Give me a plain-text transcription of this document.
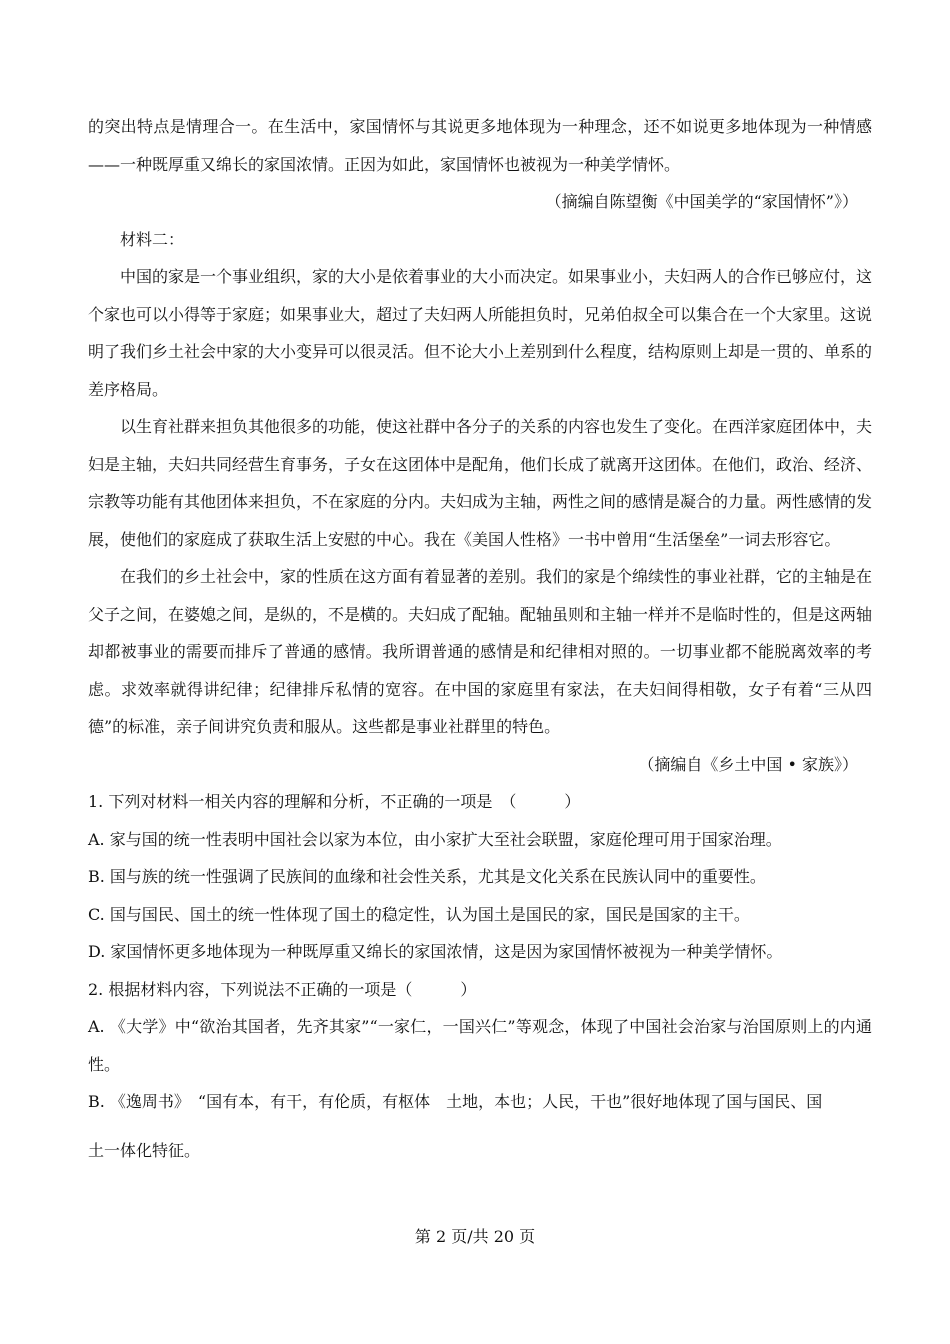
的突出特点是情理合一。在生活中，家国情怀与其说更多地体现为一种理念，还不如说更多地体现为一种情感——一种既厚重又绵长的家国浓情。正因为如此，家国情怀也被视为一种美学情怀。

（摘编自陈望衡《中国美学的“家国情怀”》）

材料二：

中国的家是一个事业组织，家的大小是依着事业的大小而决定。如果事业小，夫妇两人的合作已够应付，这个家也可以小得等于家庭；如果事业大，超过了夫妇两人所能担负时，兄弟伯叔全可以集合在一个大家里。这说明了我们乡土社会中家的大小变异可以很灵活。但不论大小上差别到什么程度，结构原则上却是一贯的、单系的差序格局。

以生育社群来担负其他很多的功能，使这社群中各分子的关系的内容也发生了变化。在西洋家庭团体中，夫妇是主轴，夫妇共同经营生育事务，子女在这团体中是配角，他们长成了就离开这团体。在他们，政治、经济、宗教等功能有其他团体来担负，不在家庭的分内。夫妇成为主轴，两性之间的感情是凝合的力量。两性感情的发展，使他们的家庭成了获取生活上安慰的中心。我在《美国人性格》一书中曾用“生活堡垒”一词去形容它。

在我们的乡土社会中，家的性质在这方面有着显著的差别。我们的家是个绵续性的事业社群，它的主轴是在父子之间，在婆媳之间，是纵的，不是横的。夫妇成了配轴。配轴虽则和主轴一样并不是临时性的，但是这两轴却都被事业的需要而排斥了普通的感情。我所谓普通的感情是和纪律相对照的。一切事业都不能脱离效率的考虑。求效率就得讲纪律；纪律排斥私情的宽容。在中国的家庭里有家法，在夫妇间得相敬，女子有着“三从四德”的标准，亲子间讲究负责和服从。这些都是事业社群里的特色。

（摘编自《乡土中国 • 家族》）

1. 下列对材料一相关内容的理解和分析，不正确的一项是　（　　　）

A. 家与国的统一性表明中国社会以家为本位，由小家扩大至社会联盟，家庭伦理可用于国家治理。

B. 国与族的统一性强调了民族间的血缘和社会性关系，尤其是文化关系在民族认同中的重要性。

C. 国与国民、国土的统一性体现了国土的稳定性，认为国土是国民的家，国民是国家的主干。

D. 家国情怀更多地体现为一种既厚重又绵长的家国浓情，这是因为家国情怀被视为一种美学情怀。

2. 根据材料内容，下列说法不正确的一项是（　　　）

A. 《大学》中“欲治其国者，先齐其家”“一家仁，一国兴仁”等观念，体现了中国社会治家与治国原则上的内通性。

B. 《逸周书》　“国有本，有干，有伦质，有枢体　土地，本也；人民，干也”很好地体现了国与国民、国
土一体化特征。

第 2 页/共 20 页
